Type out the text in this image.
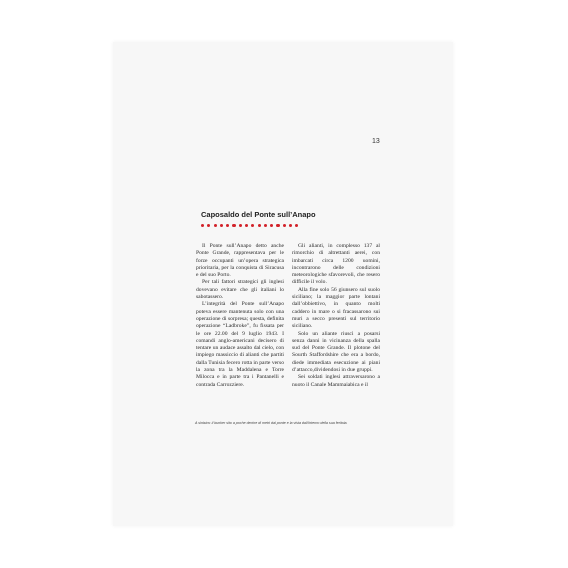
13
Caposaldo del Ponte sull’Anapo

Il Ponte sull’Anapo detto anche Ponte Grande, rappresentava per le forze occupanti un’opera strategica prioritaria, per la conquista di Siracusa e del suo Porto.

Per tali fattori strategici gli inglesi dovevano evitare che gli italiani lo sabotassero.

L’integrità del Ponte sull’Anapo poteva essere mantenuta solo con una operazione di sorpresa; questa, definita operazione “Ladbroke”, fu fissata per le ore 22.00 del 9 luglio 1943. I comandi anglo-americani decisero di tentare un audace assalto dal cielo, con impiego massiccio di alianti che partiti dalla Tunisia fecero rotta in parte verso la zona tra la Maddalena e Torre Milocca e in parte tra i Pantanelli e contrada Carrozziere.

Gli alianti, in complesso 137 al rimorchio di altrettanti aerei, con imbarcati circa 1200 uomini, incontrarono delle condizioni meteorologiche sfavorevoli, che resero difficile il volo.

Alla fine solo 56 giunsero sul suolo siciliano; la maggior parte lontani dall’obbiettivo, in quanto molti caddero in mare o si fracassarono sui muri a secco presenti sul territorio siciliano.

Solo un aliante riuscì a posarsi senza danni in vicinanza della spalla sud del Ponte Grande. Il plotone del Sourth Staffordshire che era a bordo, diede immediata esecuzione ai piani d’attacco,dividendosi in due gruppi.

Sei soldati inglesi attraversarono a nuoto il Canale Mammaiabica e il

A sinistra: il bunker sito a poche decine di metri dal ponte e la vista dall’interno della sua feritoia.
